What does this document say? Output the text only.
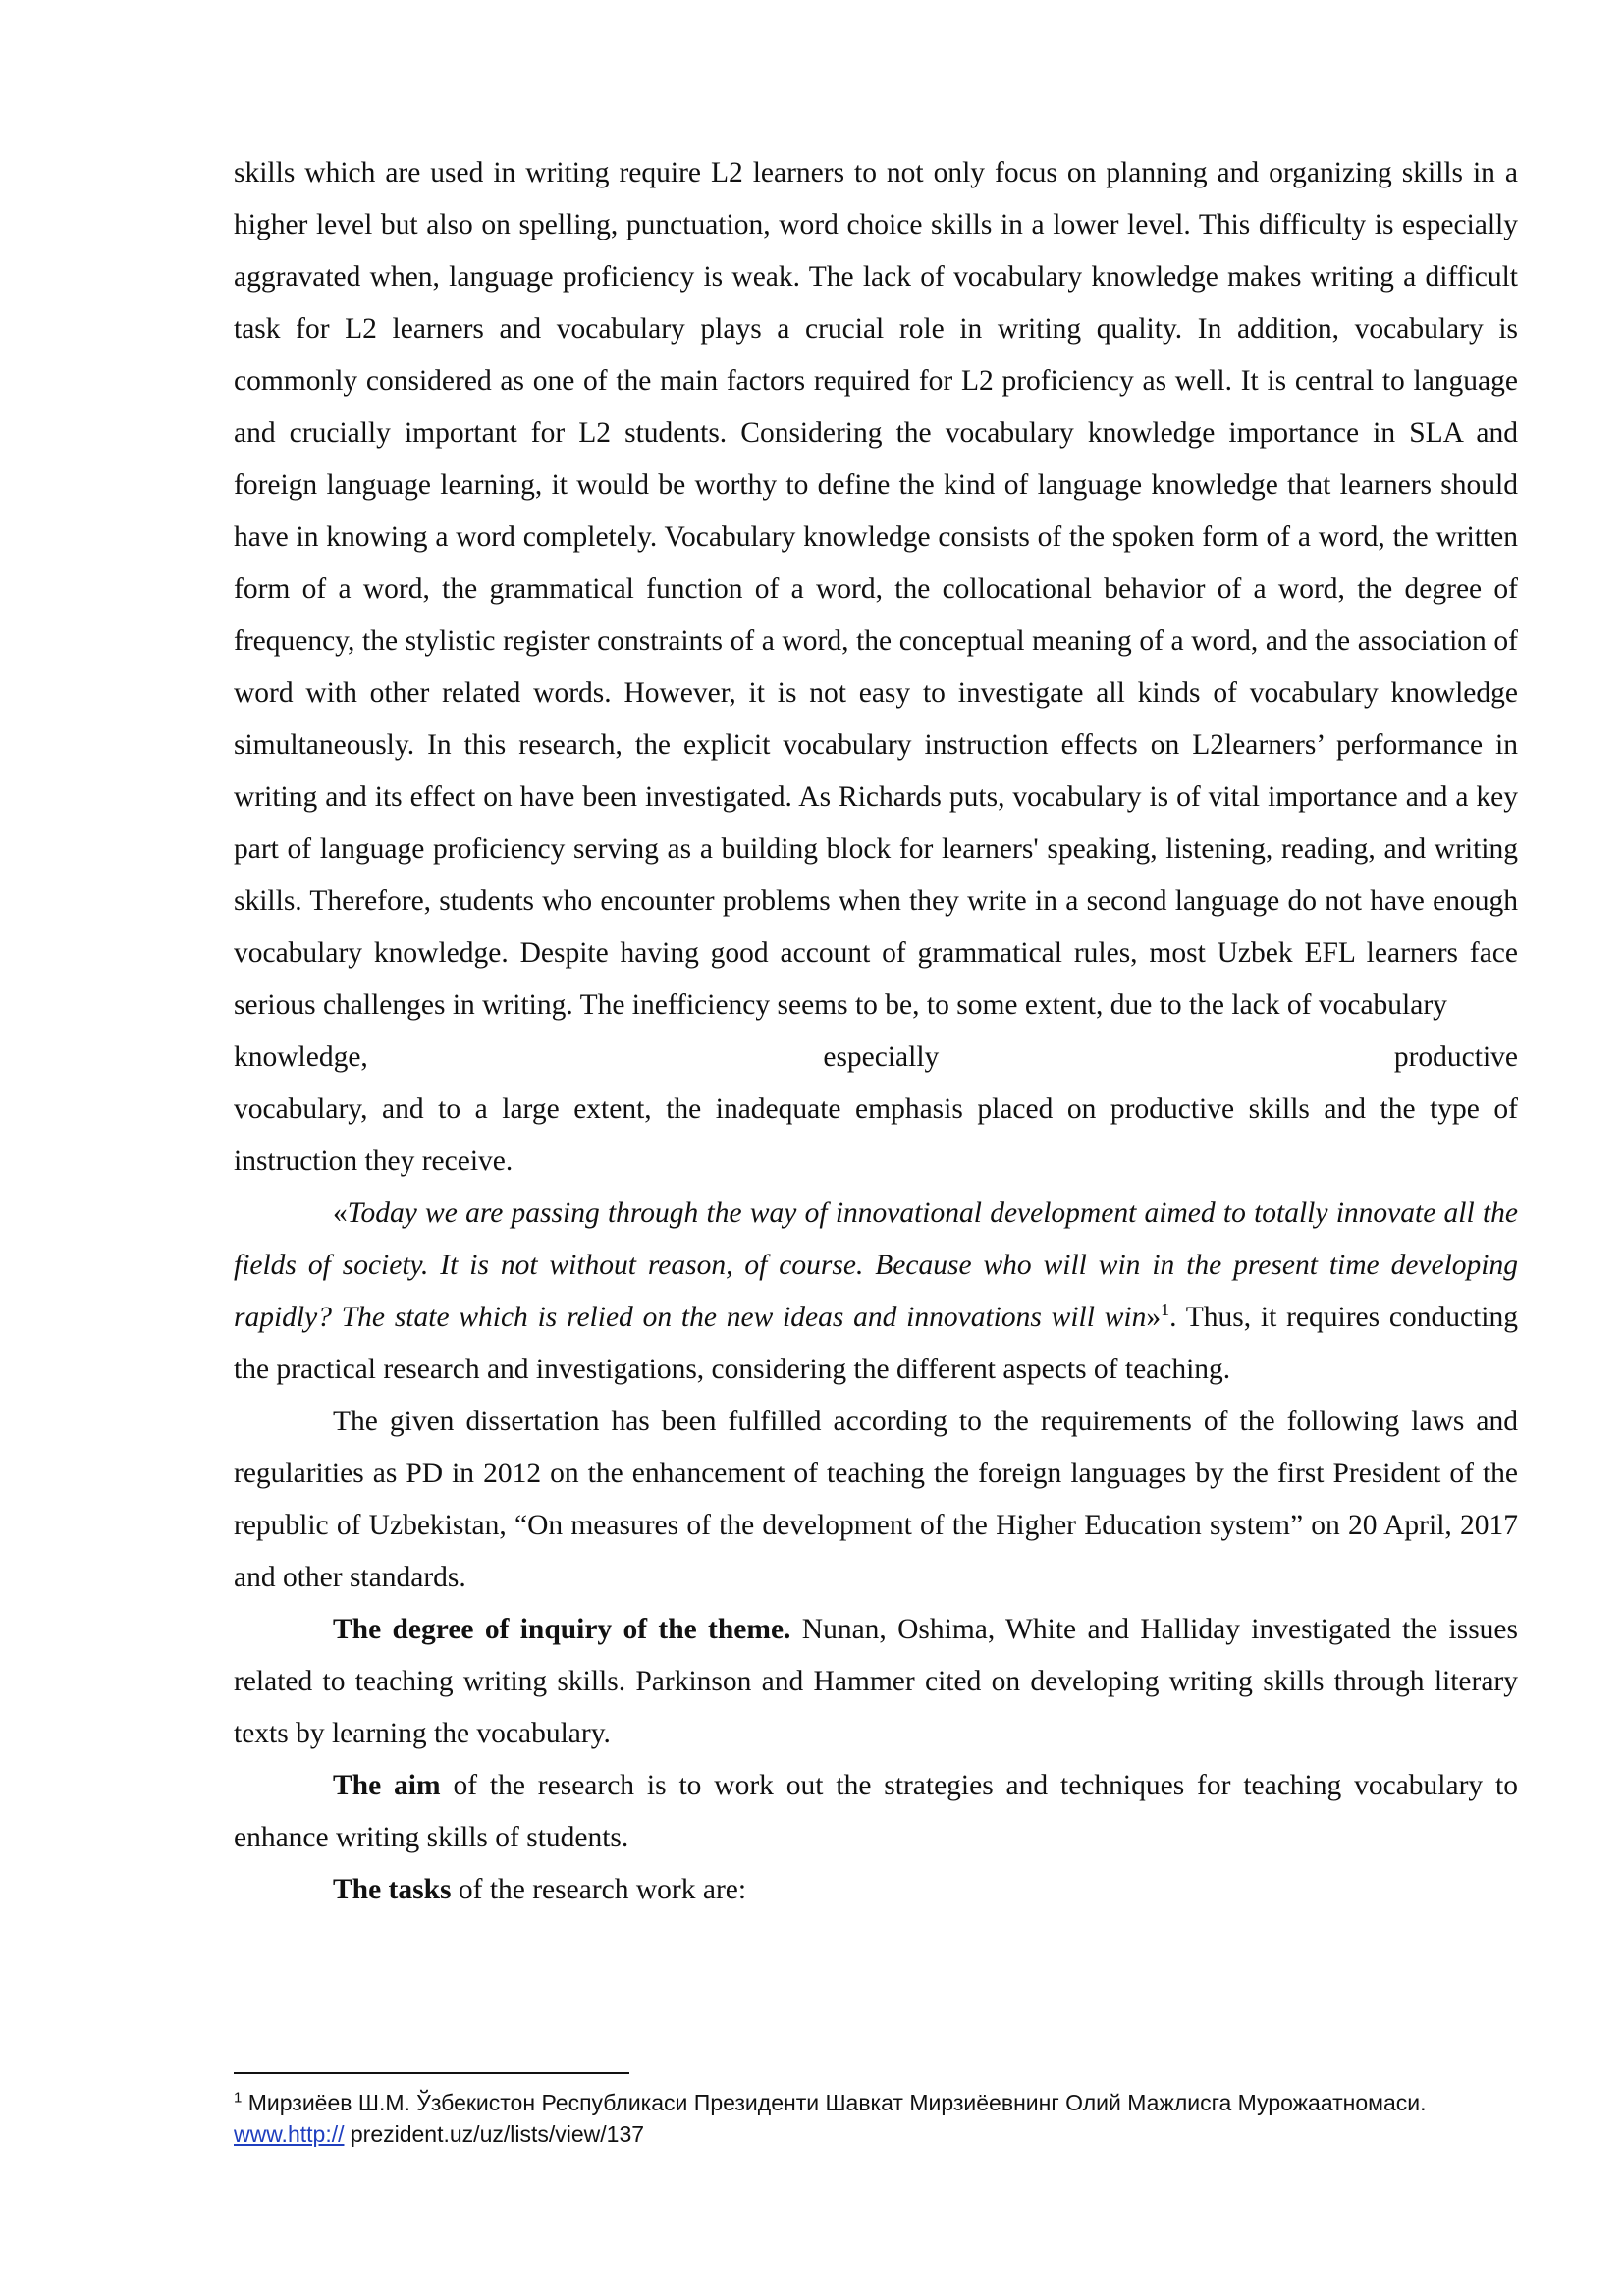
skills which are used in writing require L2 learners to not only focus on planning and organizing skills in a higher level but also on spelling, punctuation, word choice skills in a lower level. This difficulty is especially aggravated when, language proficiency is weak. The lack of vocabulary knowledge makes writing a difficult task for L2 learners and vocabulary plays a crucial role in writing quality. In addition, vocabulary is commonly considered as one of the main factors required for L2 proficiency as well. It is central to language and crucially important for L2 students. Considering the vocabulary knowledge importance in SLA and foreign language learning, it would be worthy to define the kind of language knowledge that learners should have in knowing a word completely. Vocabulary knowledge consists of the spoken form of a word, the written form of a word, the grammatical function of a word, the collocational behavior of a word, the degree of frequency, the stylistic register constraints of a word, the conceptual meaning of a word, and the association of word with other related words. However, it is not easy to investigate all kinds of vocabulary knowledge simultaneously. In this research, the explicit vocabulary instruction effects on L2learners’ performance in writing and its effect on have been investigated. As Richards puts, vocabulary is of vital importance and a key part of language proficiency serving as a building block for learners' speaking, listening, reading, and writing skills. Therefore, students who encounter problems when they write in a second language do not have enough vocabulary knowledge. Despite having good account of grammatical rules, most Uzbek EFL learners face serious challenges in writing. The inefficiency seems to be, to some extent, due to the lack of vocabulary
knowledge, especially productive
vocabulary, and to a large extent, the inadequate emphasis placed on productive skills and the type of instruction they receive.

«Today we are passing through the way of innovational development aimed to totally innovate all the fields of society. It is not without reason, of course. Because who will win in the present time developing rapidly? The state which is relied on the new ideas and innovations will win»$^1$. Thus, it requires conducting the practical research and investigations, considering the different aspects of teaching.

The given dissertation has been fulfilled according to the requirements of the following laws and regularities as PD in 2012 on the enhancement of teaching the foreign languages by the first President of the republic of Uzbekistan, “On measures of the development of the Higher Education system” on 20 April, 2017 and other standards.

The degree of inquiry of the theme. Nunan, Oshima, White and Halliday investigated the issues related to teaching writing skills. Parkinson and Hammer cited on developing writing skills through literary texts by learning the vocabulary.

The aim of the research is to work out the strategies and techniques for teaching vocabulary to enhance writing skills of students.

The tasks of the research work are:

$^1$ Мирзиёев Ш.М. Ўзбекистон Республикаси Президенти Шавкат Мирзиёевнинг Олий Мажлисга Мурожаатномаси.
www.http:// prezident.uz/uz/lists/view/137
